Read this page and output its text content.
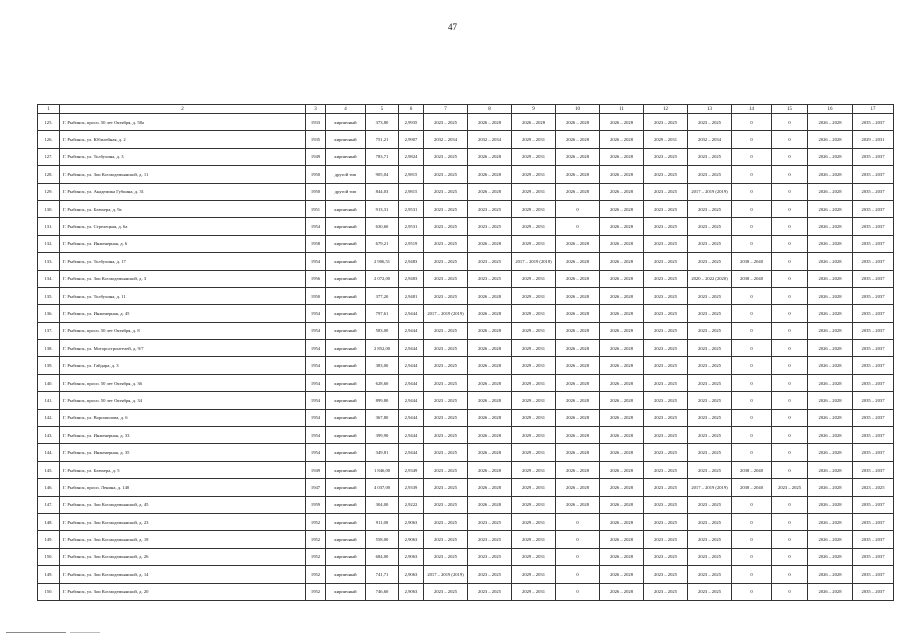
47
1	2	3	4	5	6	7	8	9	10	11	12	13	14	15	16	17
125.	Г. Рыбинск, просп. 50 лет Октября, д. 58а	1933	кирпичный	373,80	2,9935	2023 – 2025	2026 – 2028	2026 – 2028	2026 – 2028	2026 – 2028	2023 – 2025	2023 – 2025	0	0	2026 – 2028	2035 – 2037
126.	Г. Рыбинск, ул. Юбилейная, д. 2	1935	кирпичный	751,21	2,9907	2032 – 2034	2032 – 2034	2029 – 2031	2026 – 2028	2026 – 2028	2029 – 2031	2032 – 2034	0	0	2026 – 2028	2029 – 2031
127.	Г. Рыбинск, ул. Толбухина, д. 3	1949	кирпичный	783,71	2,9824	2023 – 2025	2026 – 2028	2029 – 2031	2026 – 2028	2026 – 2028	2023 – 2025	2023 – 2025	0	0	2026 – 2028	2035 – 2037
128.	Г. Рыбинск, ул. Зои Космодемьянской, д. 11	1950	другой тип	905,04	2,9815	2023 – 2025	2026 – 2028	2029 – 2031	2026 – 2028	2026 – 2028	2023 – 2025	2023 – 2025	0	0	2026 – 2028	2035 – 2037
129.	Г. Рыбинск, ул. Академика Губкина, д. 31	1950	другой тип	844,03	2,9815	2023 – 2025	2026 – 2028	2029 – 2031	2026 – 2028	2026 – 2028	2023 – 2025	2017 – 2019 (2019)	0	0	2026 – 2028	2035 – 2037
130.	Г. Рыбинск, ул. Блюхера, д. 9а	1951	кирпичный	913,31	2,9531	2023 – 2025	2023 – 2025	2029 – 2031	0	2026 – 2028	2023 – 2025	2023 – 2025	0	0	2026 – 2028	2035 – 2037
131.	Г. Рыбинск, ул. Стрелецкая, д. 6а	1954	кирпичный	630,60	2,9531	2023 – 2025	2023 – 2025	2029 – 2031	0	2026 – 2028	2023 – 2025	2023 – 2025	0	0	2026 – 2028	2035 – 2037
132.	Г. Рыбинск, ул. Инженерная, д. 6	1958	кирпичный	679,21	2,9519	2023 – 2025	2026 – 2028	2029 – 2031	2026 – 2028	2026 – 2028	2023 – 2025	2023 – 2025	0	0	2026 – 2028	2035 – 2037
133.	Г. Рыбинск, ул. Толбухина, д. 17	1954	кирпичный	2 906,51	2,9483	2023 – 2025	2023 – 2025	2017 – 2019 (2018)	2026 – 2028	2026 – 2028	2023 – 2025	2023 – 2025	2038 – 2040	0	2026 – 2028	2035 – 2037
134.	Г. Рыбинск, ул. Зои Космодемьянской, д. 3	1956	кирпичный	2 072,00	2,9483	2023 – 2025	2023 – 2025	2029 – 2031	2026 – 2028	2026 – 2028	2023 – 2025	2020 – 2022 (2020)	2038 – 2040	0	2026 – 2028	2035 – 2037
135.	Г. Рыбинск, ул. Толбухина, д. 11	1950	кирпичный	377,20	2,9481	2023 – 2025	2026 – 2028	2029 – 2031	2026 – 2028	2026 – 2028	2023 – 2025	2023 – 2025	0	0	2026 – 2028	2035 – 2037
136.	Г. Рыбинск, ул. Инженерная, д. 45	1954	кирпичный	797,61	2,9444	2017 – 2019 (2019)	2026 – 2028	2029 – 2031	2026 – 2028	2026 – 2028	2023 – 2025	2023 – 2025	0	0	2026 – 2028	2035 – 2037
137.	Г. Рыбинск, просп. 50 лет Октября, д. 8	1954	кирпичный	583,00	2,9444	2023 – 2025	2026 – 2028	2029 – 2031	2026 – 2028	2026 – 2028	2023 – 2025	2023 – 2025	0	0	2026 – 2028	2035 – 2037
138.	Г. Рыбинск, ул. Моторостроителей, д. 9/7	1954	кирпичный	2 852,00	2,9444	2023 – 2025	2026 – 2028	2029 – 2031	2026 – 2028	2026 – 2028	2023 – 2025	2023 – 2025	0	0	2026 – 2028	2035 – 2037
139.	Г. Рыбинск, ул. Гайдара, д. 3	1954	кирпичный	383,00	2,9444	2023 – 2025	2026 – 2028	2029 – 2031	2026 – 2028	2026 – 2028	2023 – 2025	2023 – 2025	0	0	2026 – 2028	2035 – 2037
140.	Г. Рыбинск, просп. 50 лет Октября, д. 36	1954	кирпичный	628,60	2,9444	2023 – 2025	2026 – 2028	2029 – 2031	2026 – 2028	2026 – 2028	2023 – 2025	2023 – 2025	0	0	2026 – 2028	2035 – 2037
141.	Г. Рыбинск, просп. 50 лет Октября, д. 34	1954	кирпичный	899,80	2,9444	2023 – 2025	2026 – 2028	2029 – 2031	2026 – 2028	2026 – 2028	2023 – 2025	2023 – 2025	0	0	2026 – 2028	2035 – 2037
142.	Г. Рыбинск, ул. Ворошилова, д. 6	1954	кирпичный	367,80	2,9444	2023 – 2025	2026 – 2028	2029 – 2031	2026 – 2028	2026 – 2028	2023 – 2025	2023 – 2025	0	0	2026 – 2028	2035 – 2037
143.	Г. Рыбинск, ул. Инженерная, д. 33	1954	кирпичный	399,90	2,9444	2023 – 2025	2026 – 2028	2029 – 2031	2026 – 2028	2026 – 2028	2023 – 2025	2023 – 2025	0	0	2026 – 2028	2035 – 2037
144.	Г. Рыбинск, ул. Инженерная, д. 35	1954	кирпичный	349,81	2,9444	2023 – 2025	2026 – 2028	2029 – 2031	2026 – 2028	2026 – 2028	2023 – 2025	2023 – 2025	0	0	2026 – 2028	2035 – 2037
145.	Г. Рыбинск, ул. Блюхера, д. 5	1949	кирпичный	1 846,00	2,9349	2023 – 2025	2026 – 2028	2029 – 2031	2026 – 2028	2026 – 2028	2023 – 2025	2023 – 2025	2038 – 2040	0	2026 – 2028	2035 – 2037
146.	Г. Рыбинск, просп. Ленина, д. 140	1947	кирпичный	4 037,00	2,9339	2023 – 2025	2026 – 2028	2029 – 2031	2026 – 2028	2026 – 2028	2023 – 2025	2017 – 2019 (2019)	2038 – 2040	2023 – 2025	2026 – 2028	2023 – 2025
147.	Г. Рыбинск, ул. Зои Космодемьянской, д. 45	1959	кирпичный	304,00	2,9222	2023 – 2025	2026 – 2028	2029 – 2031	2026 – 2028	2026 – 2028	2023 – 2025	2023 – 2025	0	0	2026 – 2028	2035 – 2037
148.	Г. Рыбинск, ул. Зои Космодемьянской, д. 23	1952	кирпичный	911,00	2,9063	2023 – 2025	2023 – 2025	2029 – 2031	0	2026 – 2028	2023 – 2025	2023 – 2025	0	0	2026 – 2028	2035 – 2037
149.	Г. Рыбинск, ул. Зои Космодемьянской, д. 18	1952	кирпичный	558,00	2,9063	2023 – 2025	2023 – 2025	2029 – 2031	0	2026 – 2028	2023 – 2025	2023 – 2025	0	0	2026 – 2028	2035 – 2037
150.	Г. Рыбинск, ул. Зои Космодемьянской, д. 26	1952	кирпичный	684,00	2,9063	2023 – 2025	2023 – 2025	2029 – 2031	0	2026 – 2028	2023 – 2025	2023 – 2025	0	0	2026 – 2028	2035 – 2037
149.	Г. Рыбинск, ул. Зои Космодемьянской, д. 14	1952	кирпичный	741,71	2,9063	2017 – 2019 (2019)	2023 – 2025	2029 – 2031	0	2026 – 2028	2023 – 2025	2023 – 2025	0	0	2026 – 2028	2035 – 2037
150.	Г. Рыбинск, ул. Зои Космодемьянской, д. 20	1952	кирпичный	746,60	2,9063	2023 – 2025	2023 – 2025	2029 – 2031	0	2026 – 2028	2023 – 2025	2023 – 2025	0	0	2026 – 2028	2035 – 2037
